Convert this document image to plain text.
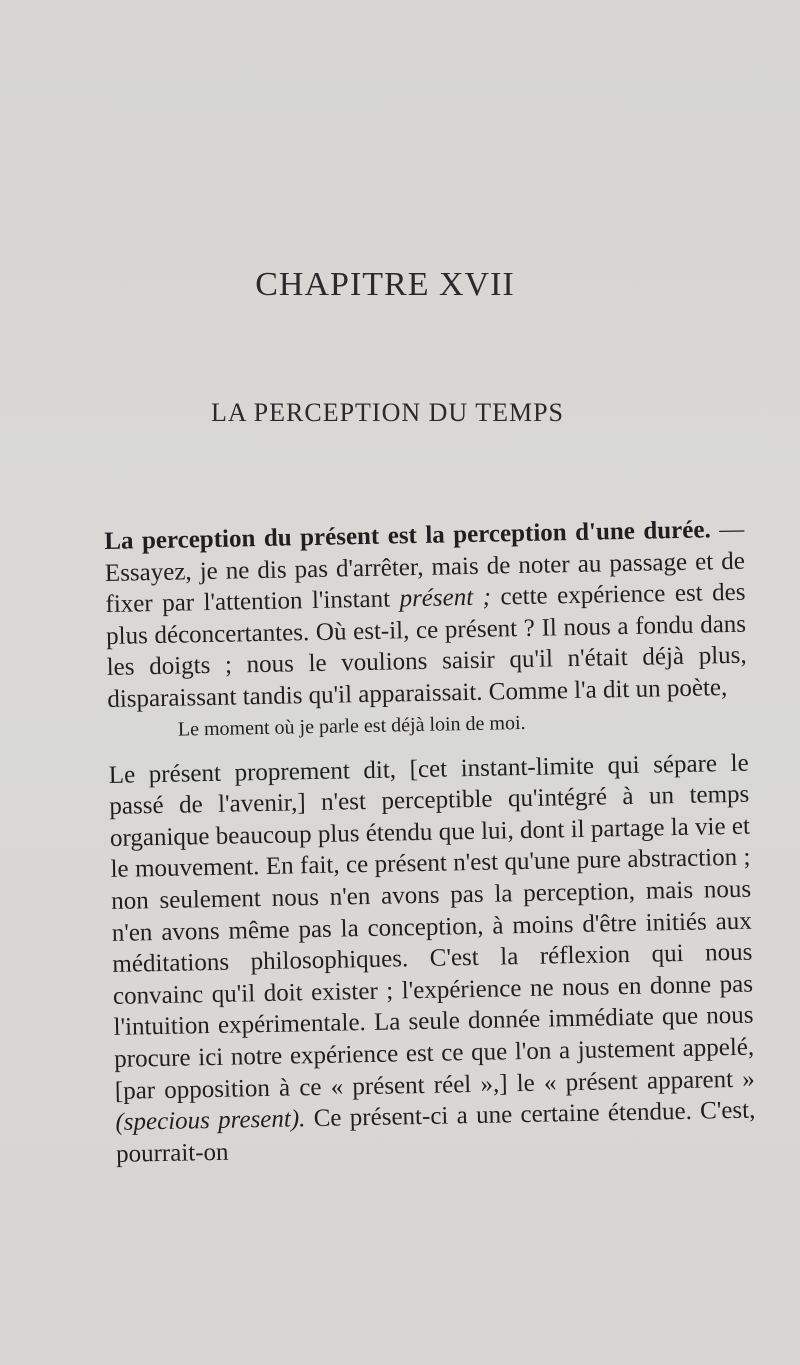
CHAPITRE XVII
LA PERCEPTION DU TEMPS

La perception du présent est la perception d'une durée. — Essayez, je ne dis pas d'arrêter, mais de noter au passage et de fixer par l'attention l'instant présent ; cette expérience est des plus déconcertantes. Où est-il, ce présent ? Il nous a fondu dans les doigts ; nous le voulions saisir qu'il n'était déjà plus, disparaissant tandis qu'il apparaissait. Comme l'a dit un poète,

Le moment où je parle est déjà loin de moi.

Le présent proprement dit, [cet instant-limite qui sépare le passé de l'avenir,] n'est perceptible qu'intégré à un temps organique beaucoup plus étendu que lui, dont il partage la vie et le mouvement. En fait, ce présent n'est qu'une pure abstraction ; non seulement nous n'en avons pas la perception, mais nous n'en avons même pas la conception, à moins d'être initiés aux méditations philosophiques. C'est la réflexion qui nous convainc qu'il doit exister ; l'expérience ne nous en donne pas l'intuition expérimentale. La seule donnée immédiate que nous procure ici notre expérience est ce que l'on a justement appelé, [par opposition à ce « présent réel »,] le « présent apparent » (specious present). Ce présent-ci a une certaine étendue. C'est, pourrait-on
